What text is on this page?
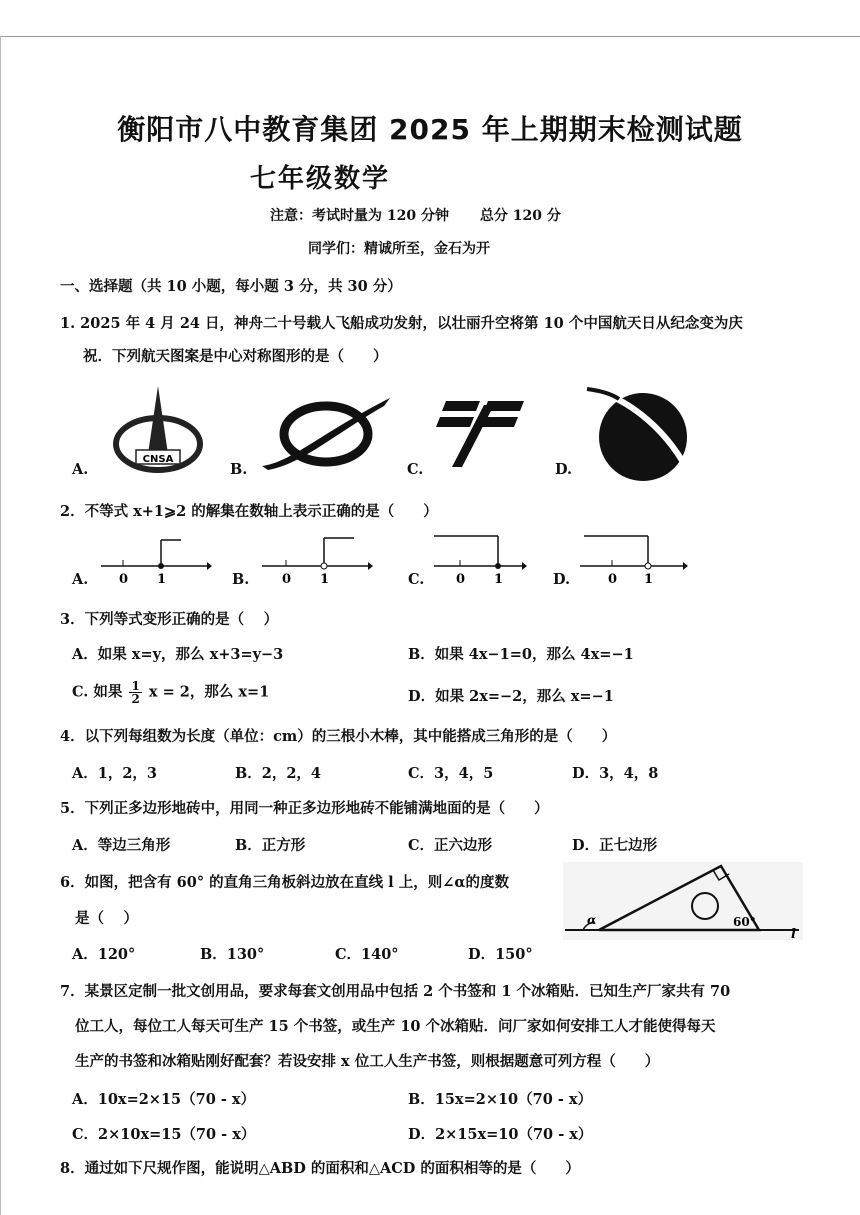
衡阳市八中教育集团 2025 年上期期末检测试题
七年级数学
注意：考试时量为 120 分钟 总分 120 分
同学们：精诚所至，金石为开
一、选择题（共 10 小题，每小题 3 分，共 30 分）
1. 2025 年 4 月 24 日，神舟二十号载人飞船成功发射，以壮丽升空将第 10 个中国航天日从纪念变为庆
祝．下列航天图案是中心对称图形的是（　　）
A.
CNSA
B.	C.	D.
2．不等式 x+1⩾2 的解集在数轴上表示正确的是（　　）
A. 0 1	B.	0 1	C. 0 1	D.	0 1
3．下列等式变形正确的是（　 ）
A．如果 x=y，那么 x+3=y−3	B．如果 4x−1=0，那么 4x=−1
C. 如果 $\frac{1}{2}$ x = 2，那么 x=1	D．如果 2x=−2，那么 x=−1
4．以下列每组数为长度（单位：cm）的三根小木棒，其中能搭成三角形的是（　　）
A．1，2，3	B．2，2，4	C．3，4，5	D．3，4，8
5．下列正多边形地砖中，用同一种正多边形地砖不能铺满地面的是（　　）
A．等边三角形	B．正方形	C．正六边形	D．正七边形
6．如图，把含有 60° 的直角三角板斜边放在直线 l 上，则∠α的度数
是（　 ）
A．120°	B．130°	C．140°	D．150°
α	60°
l
7．某景区定制一批文创用品，要求每套文创用品中包括 2 个书签和 1 个冰箱贴．已知生产厂家共有 70
位工人，每位工人每天可生产 15 个书签，或生产 10 个冰箱贴．问厂家如何安排工人才能使得每天
生产的书签和冰箱贴刚好配套？若设安排 x 位工人生产书签，则根据题意可列方程（　　）
A．10x=2×15（70 - x）	B．15x=2×10（70 - x）
C．2×10x=15（70 - x）	D．2×15x=10（70 - x）
8．通过如下尺规作图，能说明△ABD 的面积和△ACD 的面积相等的是（　　）
